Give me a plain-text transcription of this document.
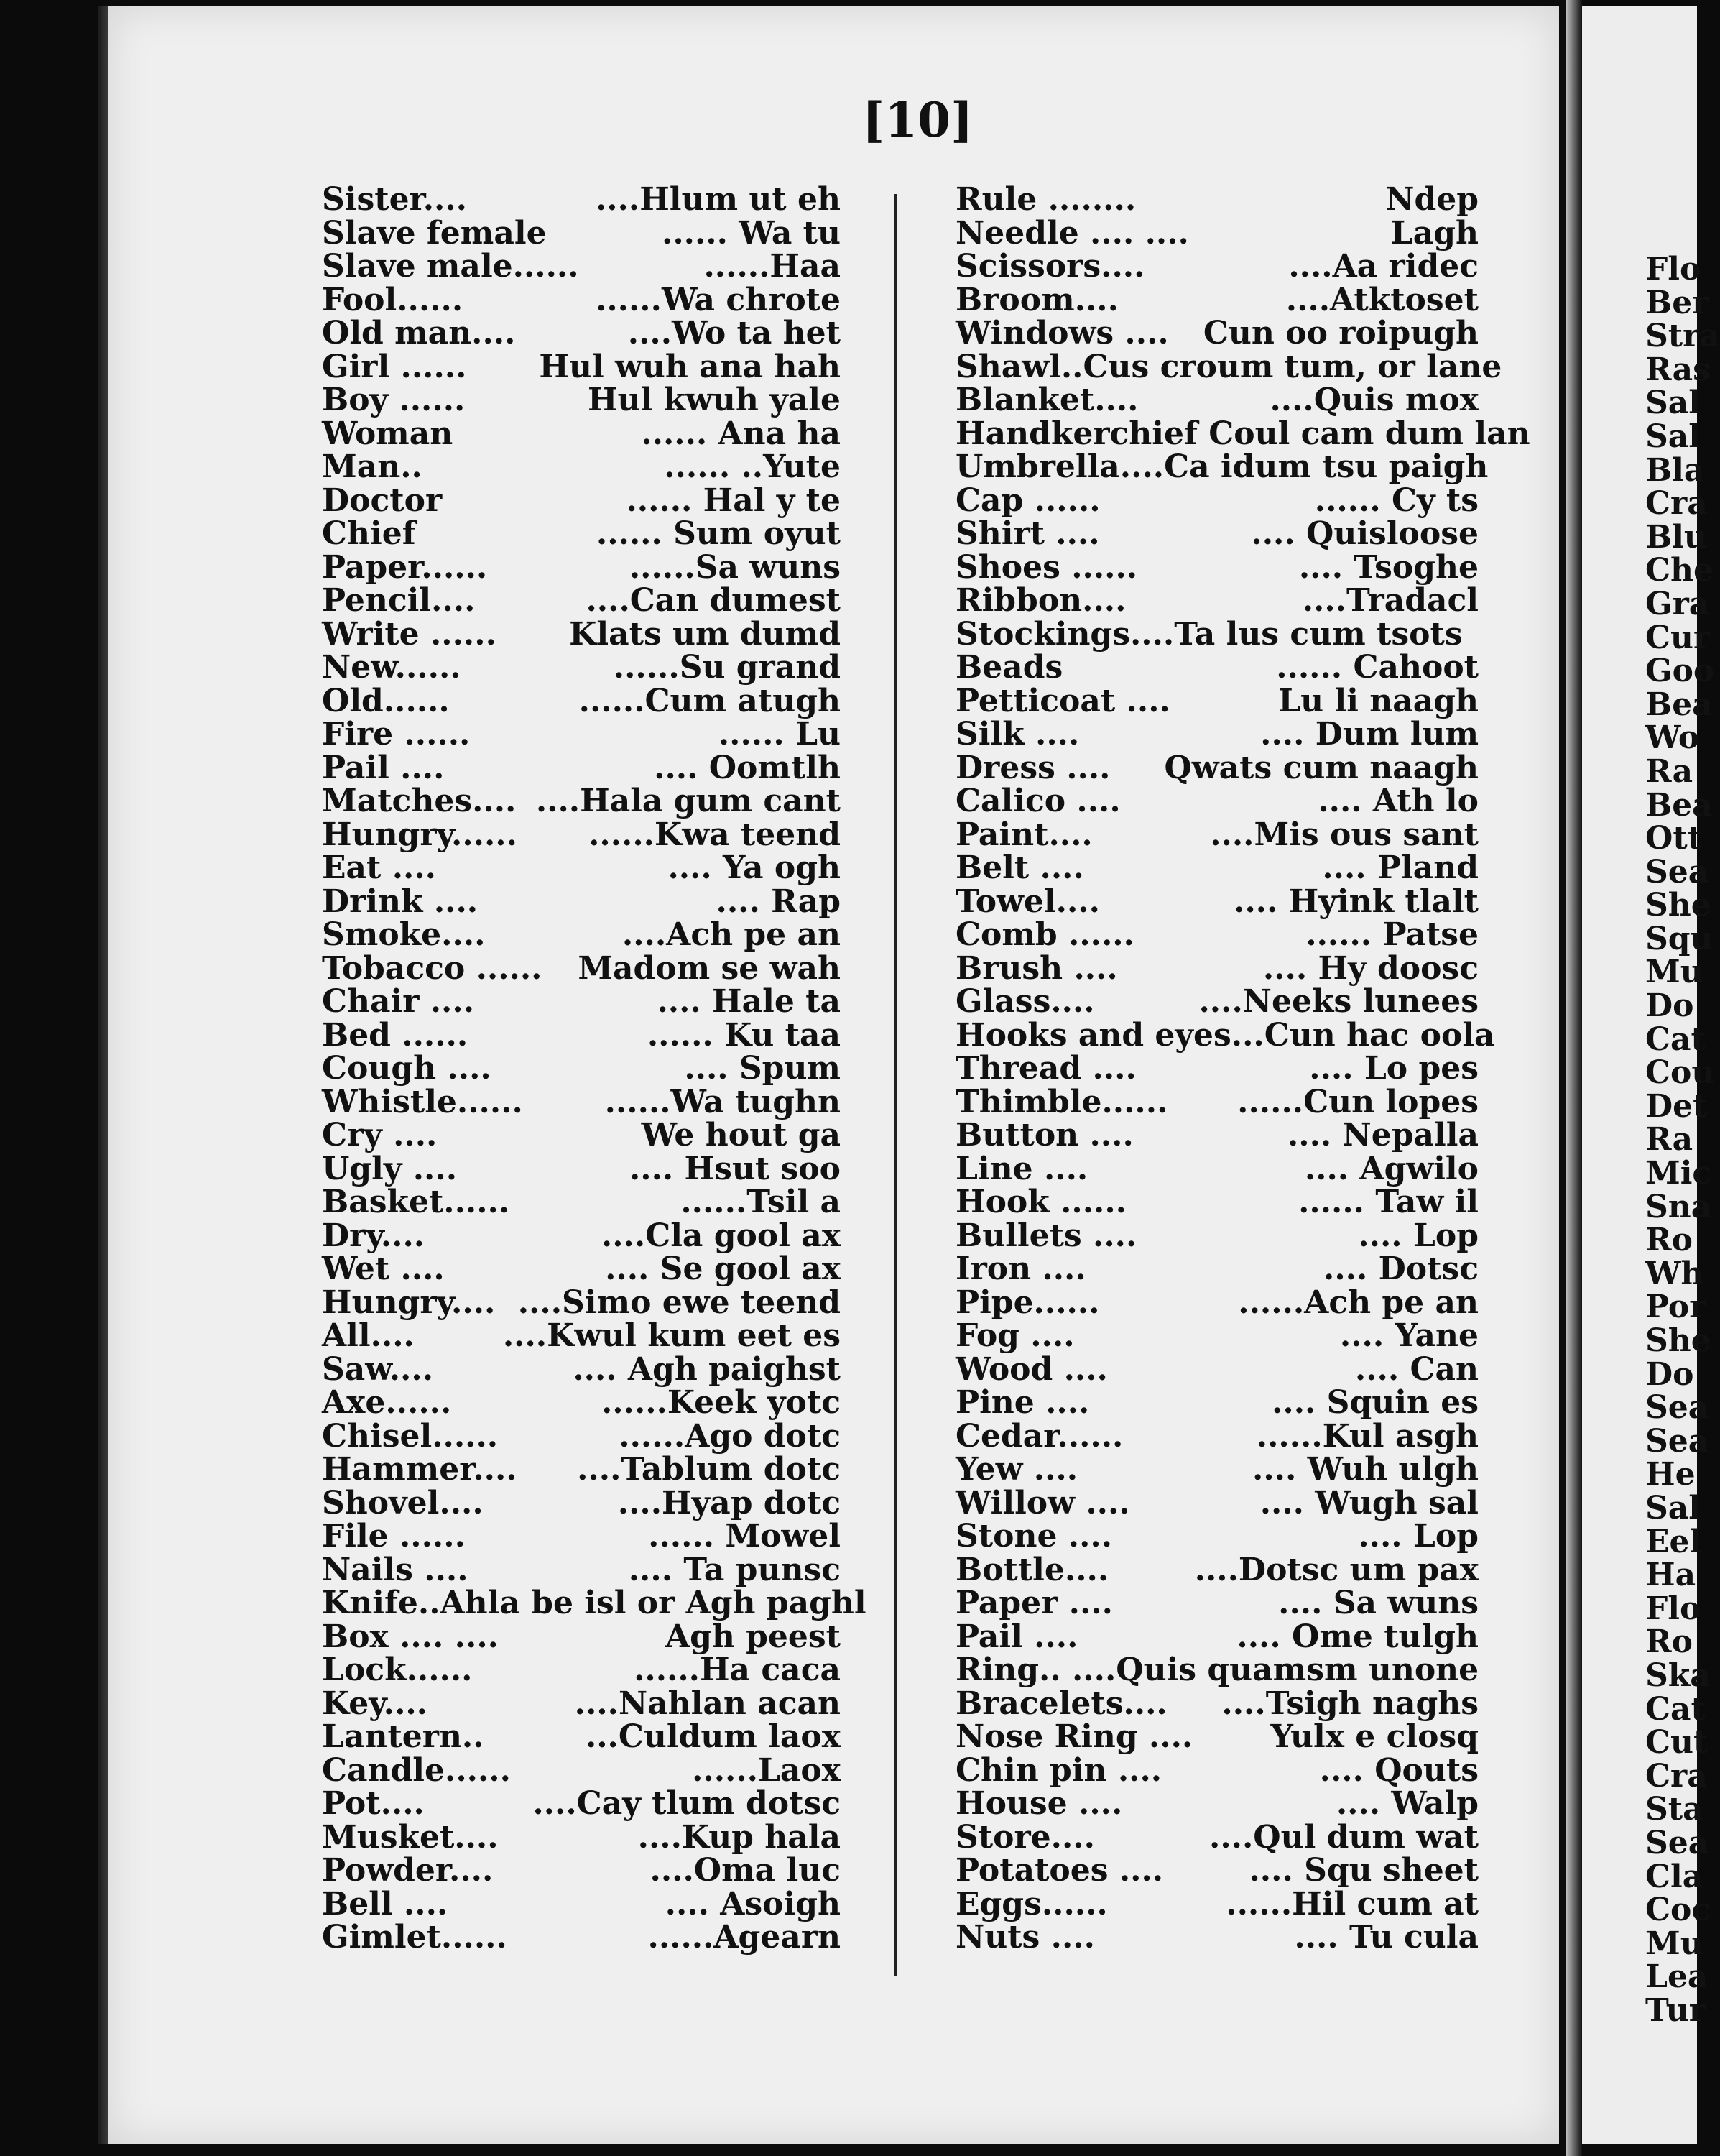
[10]
Sister....	....Hlum ut eh
Slave female	...... Wa tu
Slave male......	......Haa
Fool......	......Wa chrote
Old man....	....Wo ta het
Girl ...... Hul wuh ana hah
Boy ......	Hul kwuh yale
Woman	...... Ana ha
Man..	...... ..Yute
Doctor	...... Hal y te
Chief	...... Sum oyut
Paper......	......Sa wuns
Pencil....	....Can dumest
Write ...... Klats um dumd
New......	......Su grand
Old......	......Cum atugh
Fire ......	...... Lu
Pail ....	.... Oomtlh
Matches.... ....Hala gum cant
Hungry...... ......Kwa teend
Eat ....	.... Ya ogh
Drink ....	.... Rap
Smoke....	....Ach pe an
Tobacco ...... Madom se wah
Chair ....	.... Hale ta
Bed ......	...... Ku taa
Cough ....	.... Spum
Whistle......	......Wa tughn
Cry ....	We hout ga
Ugly ....	.... Hsut soo
Basket......	......Tsil a
Dry....	....Cla gool ax
Wet ....	.... Se gool ax
Hungry.... ....Simo ewe teend
All....	....Kwul kum eet es
Saw....	.... Agh paighst
Axe......	......Keek yotc
Chisel......	......Ago dotc
Hammer.... ....Tablum dotc
Shovel....	....Hyap dotc
File ......	...... Mowel
Nails ....	.... Ta punsc
Knife..Ahla be isl or Agh paghl
Box .... ....	Agh peest
Lock......	......Ha caca
Key....	....Nahlan acan
Lantern..	...Culdum laox
Candle......	......Laox
Pot....	....Cay tlum dotsc
Musket....	....Kup hala
Powder....	....Oma luc
Bell ....	.... Asoigh
Gimlet......	......Agearn
Rule ........	Ndep
Needle .... ....	Lagh
Scissors....	....Aa ridec
Broom....	....Atktoset
Windows .... Cun oo roipugh
Shawl..Cus croum tum, or lane
Blanket....	....Quis mox
Handkerchief Coul cam dum lan
Umbrella....Ca idum tsu paigh
Cap ......	...... Cy ts
Shirt ....	.... Quisloose
Shoes ......	.... Tsoghe
Ribbon....	....Tradacl
Stockings....Ta lus cum tsots
Beads	...... Cahoot
Petticoat ....	Lu li naagh
Silk ....	.... Dum lum
Dress .... Qwats cum naagh
Calico ....	.... Ath lo
Paint....	....Mis ous sant
Belt ....	.... Pland
Towel....	.... Hyink tlalt
Comb ......	...... Patse
Brush ....	.... Hy doosc
Glass....	....Neeks lunees
Hooks and eyes...Cun hac oola
Thread ....	.... Lo pes
Thimble...... ......Cun lopes
Button ....	.... Nepalla
Line ....	.... Agwilo
Hook ......	...... Taw il
Bullets ....	.... Lop
Iron ....	.... Dotsc
Pipe......	......Ach pe an
Fog ....	.... Yane
Wood ....	.... Can
Pine ....	.... Squin es
Cedar......	......Kul asgh
Yew ....	.... Wuh ulgh
Willow ....	.... Wugh sal
Stone ....	.... Lop
Bottle....	....Dotsc um pax
Paper ....	.... Sa wuns
Pail ....	.... Ome tulgh
Ring.. ....Quis quamsm unone
Bracelets.... ....Tsigh naghs
Nose Ring .... Yulx e closq
Chin pin ....	.... Qouts
House ....	.... Walp
Store....	....Qul dum wat
Potatoes ....	.... Squ sheet
Eggs......	......Hil cum at
Nuts ....	.... Tu cula
Flo
Ber
Stra
Ras
Sal
Sal
Bla
Cra
Blu
Che
Gra
Cur
Goo
Bea
Wo
Ra
Bea
Ott
Sea
She
Squ
Mu
Do
Cat
Cou
Det
Ra
Mic
Sna
Ro
Wh
Por
She
Do
Sea
Sea
He
Sal
Eel
Ha
Flo
Ro
Ska
Cat
Cut
Cra
Sta
Sea
Cla
Coc
Mu
Lea
Tur
